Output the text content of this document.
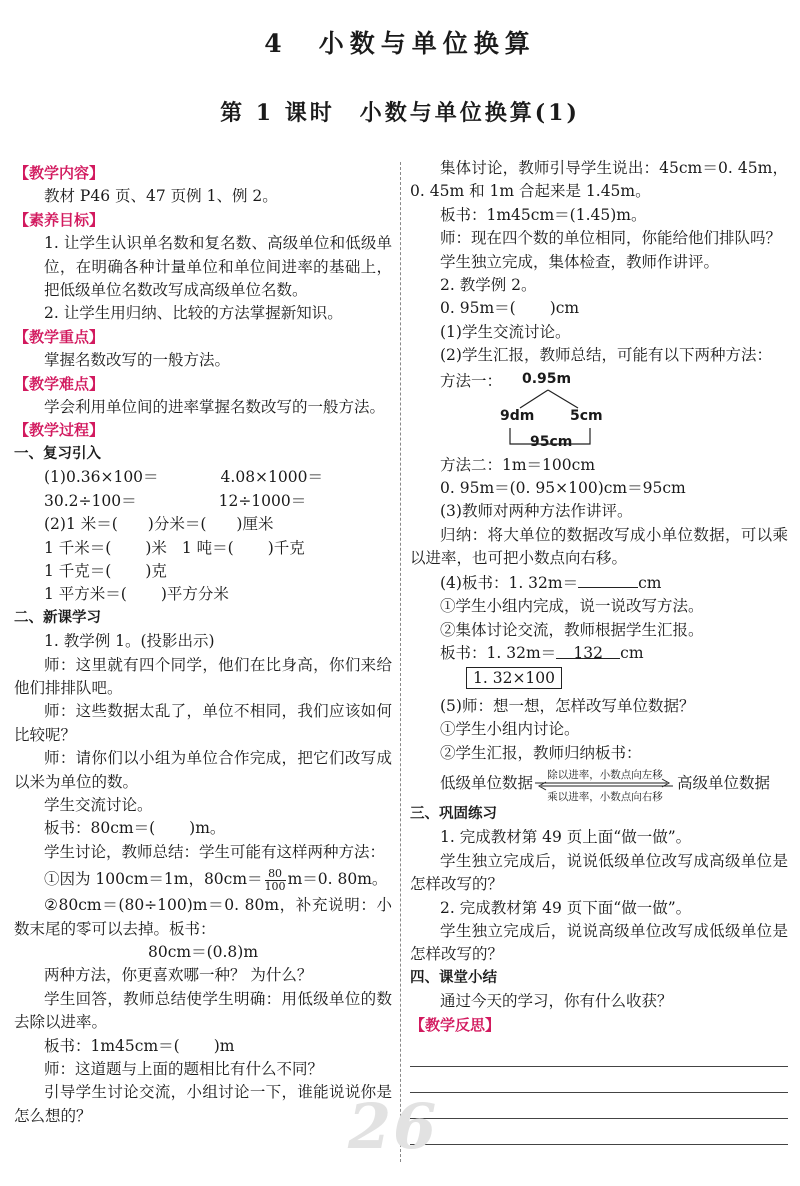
4　小数与单位换算
第 1 课时　小数与单位换算(1)

【教学内容】

教材 P46 页、47 页例 1、例 2。

【素养目标】

1. 让学生认识单名数和复名数、高级单位和低级单位，在明确各种计量单位和单位间进率的基础上，把低级单位名数改写成高级单位名数。

2. 让学生用归纳、比较的方法掌握新知识。

【教学重点】

掌握名数改写的一般方法。

【教学难点】

学会利用单位间的进率掌握名数改写的一般方法。

【教学过程】

一、复习引入

(1)0.36×100＝	4.08×1000＝

30.2÷100＝	12÷1000＝

(2)1 米＝( )分米＝( )厘米

1 千米＝( )米 1 吨＝( )千克

1 千克＝( )克

1 平方米＝( )平方分米

二、新课学习

1. 教学例 1。(投影出示)

师：这里就有四个同学，他们在比身高，你们来给他们排排队吧。

师：这些数据太乱了，单位不相同，我们应该如何比较呢？

师：请你们以小组为单位合作完成，把它们改写成以米为单位的数。

学生交流讨论。

板书：80cm＝( )m。

学生讨论，教师总结：学生可能有这样两种方法：

①因为 100cm＝1m，$80cm= \frac{80}{100} m=0$. 80m。

②80cm＝(80÷100)m＝0. 80m，补充说明：小数末尾的零可以去掉。板书：

80cm＝(0.8)m

两种方法，你更喜欢哪一种？ 为什么？

学生回答，教师总结使学生明确：用低级单位的数去除以进率。

板书：1m45cm＝( )m

师：这道题与上面的题相比有什么不同？

引导学生讨论交流，小组讨论一下，谁能说说你是怎么想的？

集体讨论，教师引导学生说出：45cm＝0. 45m，0. 45m 和 1m 合起来是 1.45m。

板书：1m45cm＝(1.45)m。

师：现在四个数的单位相同，你能给他们排队吗？

学生独立完成，集体检查，教师作讲评。

2. 教学例 2。

0. 95m＝( )cm

(1)学生交流讨论。

(2)学生汇报，教师总结，可能有以下两种方法：

方法一： 0.95m
9dm	5cm
95cm

方法二：1m＝100cm

0. 95m＝(0. 95×100)cm＝95cm

(3)教师对两种方法作讲评。

归纳：将大单位的数据改写成小单位数据，可以乘以进率，也可把小数点向右移。

(4)板书：1. 32m＝	cm

①学生小组内完成，说一说改写方法。

②集体讨论交流，教师根据学生汇报。

板书：1. 32m＝ 132 cm

1. 32×100

(5)师：想一想，怎样改写单位数据？

①学生小组内讨论。

②学生汇报，教师归纳板书：

低级单位数据	除以进率，小数点向左移
乘以进率，小数点向右移
高级单位数据

三、巩固练习

1. 完成教材第 49 页上面“做一做”。

学生独立完成后，说说低级单位改写成高级单位是怎样改写的？

2. 完成教材第 49 页下面“做一做”。

学生独立完成后，说说高级单位改写成低级单位是怎样改写的？

四、课堂小结

通过今天的学习，你有什么收获？

【教学反思】

26
